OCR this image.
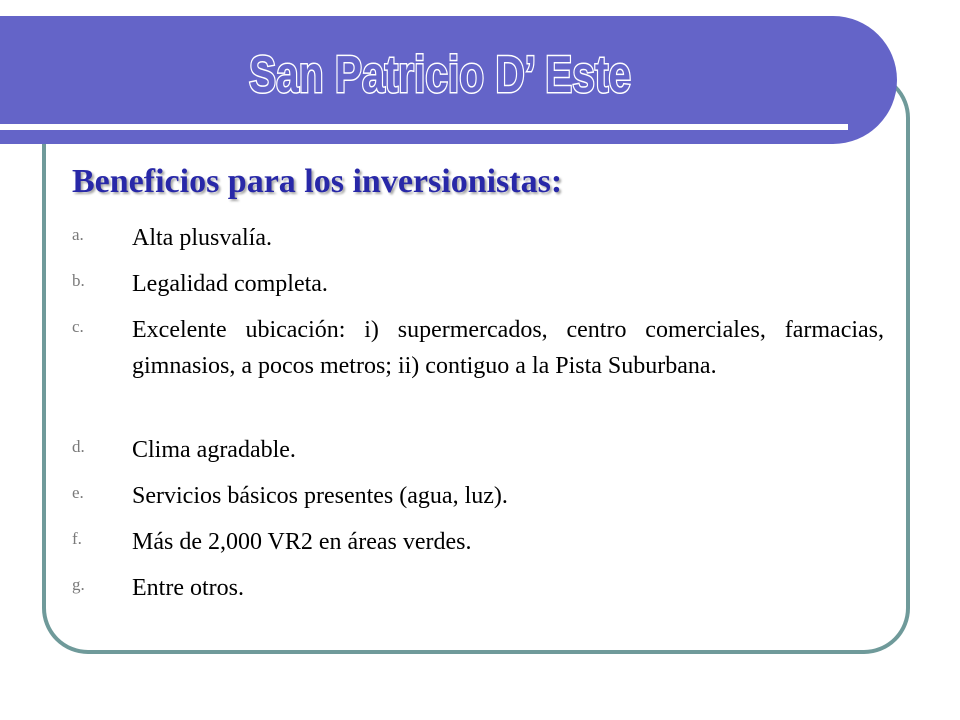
San Patricio D’ Este
Beneficios para los inversionistas:
a. Alta plusvalía.
b. Legalidad completa.
c. Excelente ubicación: i) supermercados, centro comerciales, farmacias, gimnasios, a pocos metros; ii) contiguo a la Pista Suburbana.
d. Clima agradable.
e. Servicios básicos presentes (agua, luz).
f. Más de 2,000 VR2 en áreas verdes.
g. Entre otros.
